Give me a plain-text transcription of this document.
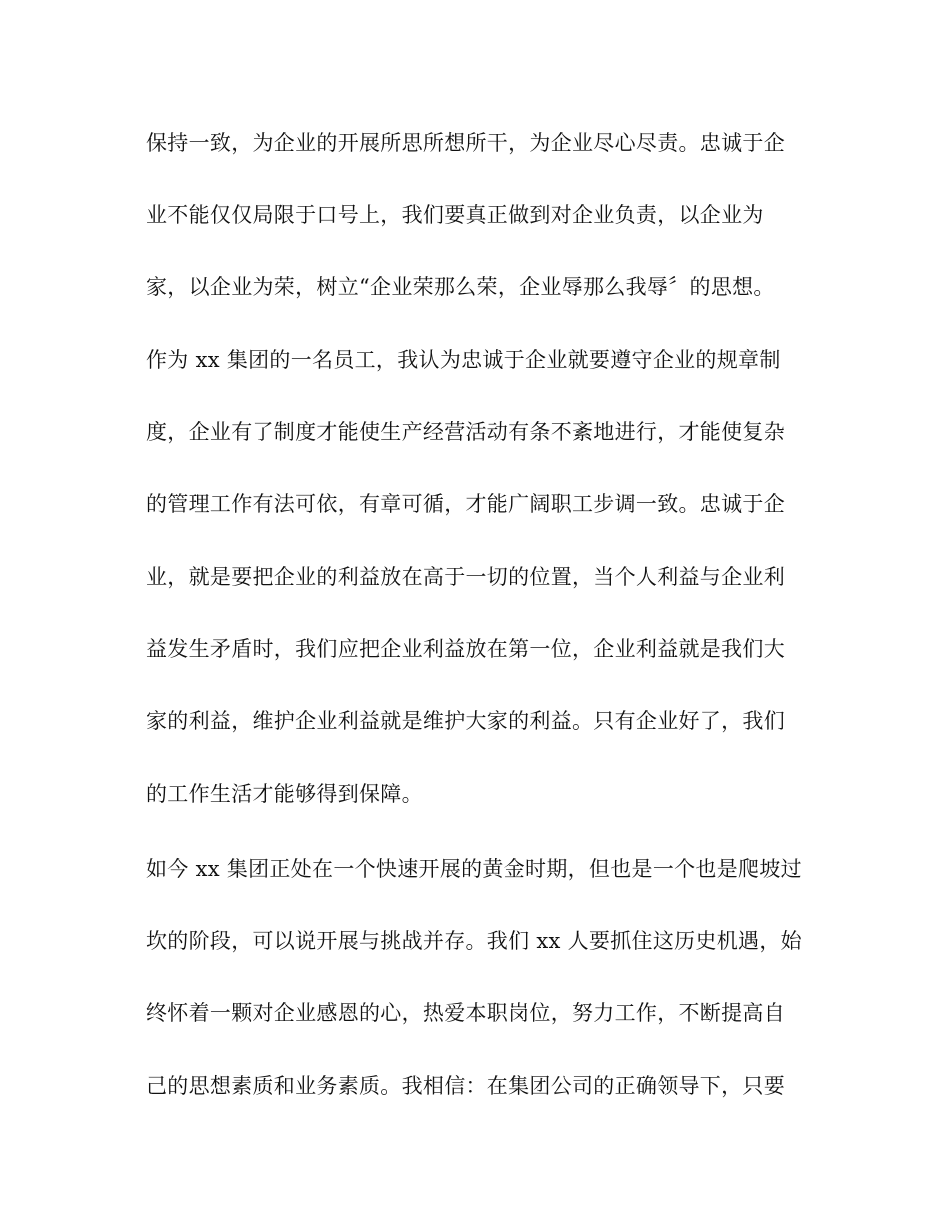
保持一致，为企业的开展所思所想所干，为企业尽心尽责。忠诚于企
业不能仅仅局限于口号上，我们要真正做到对企业负责，以企业为
家，以企业为荣，树立“企业荣那么荣，企业辱那么我辱〞的思想。
作为 xx 集团的一名员工，我认为忠诚于企业就要遵守企业的规章制
度，企业有了制度才能使生产经营活动有条不紊地进行，才能使复杂
的管理工作有法可依，有章可循，才能广阔职工步调一致。忠诚于企
业，就是要把企业的利益放在高于一切的位置，当个人利益与企业利
益发生矛盾时，我们应把企业利益放在第一位，企业利益就是我们大
家的利益，维护企业利益就是维护大家的利益。只有企业好了，我们
的工作生活才能够得到保障。
如今 xx 集团正处在一个快速开展的黄金时期，但也是一个也是爬坡过
坎的阶段，可以说开展与挑战并存。我们 xx 人要抓住这历史机遇，始
终怀着一颗对企业感恩的心，热爱本职岗位，努力工作，不断提高自
己的思想素质和业务素质。我相信：在集团公司的正确领导下，只要
